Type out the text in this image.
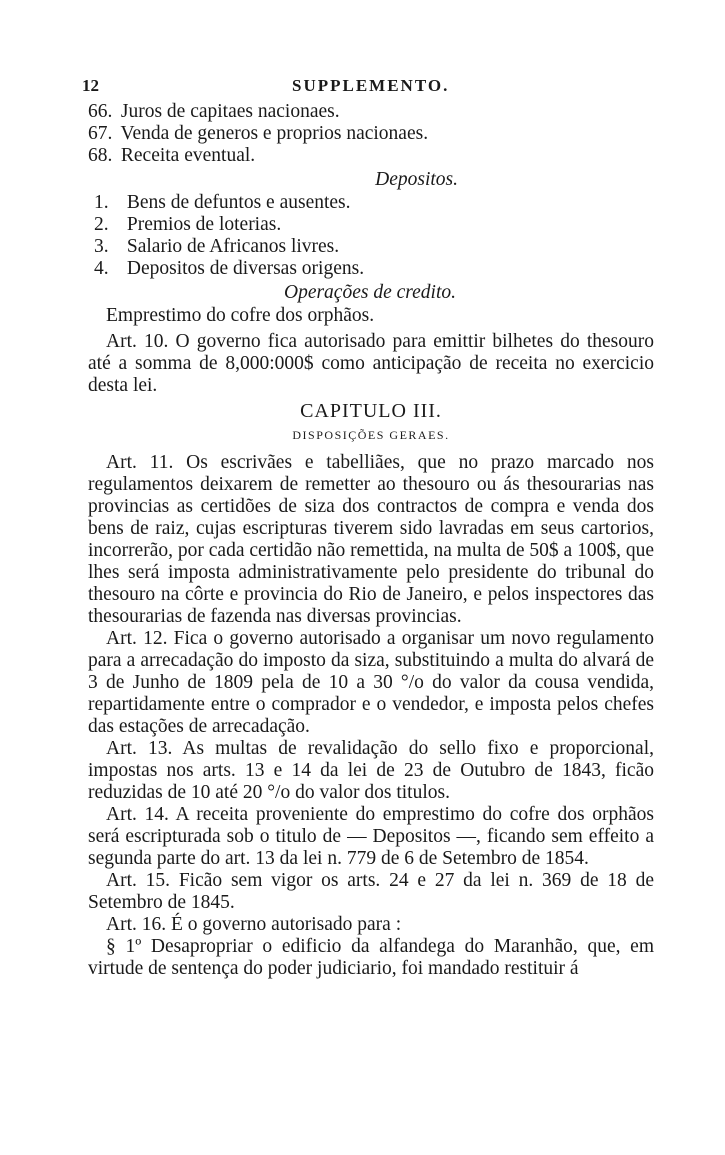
12	SUPPLEMENTO.
66. Juros de capitaes nacionaes.
67. Venda de generos e proprios nacionaes.
68. Receita eventual.
Depositos.
1. Bens de defuntos e ausentes.
2. Premios de loterias.
3. Salario de Africanos livres.
4. Depositos de diversas origens.
Operações de credito.
Emprestimo do cofre dos orphãos.

Art. 10. O governo fica autorisado para emittir bilhetes do thesouro até a somma de 8,000:000$ como anticipação de receita no exercicio desta lei.

CAPITULO III.
DISPOSIÇÕES GERAES.

Art. 11. Os escrivães e tabelliães, que no prazo marcado nos regulamentos deixarem de remetter ao thesouro ou ás thesourarias nas provincias as certidões de siza dos contractos de compra e venda dos bens de raiz, cujas escripturas tiverem sido lavradas em seus cartorios, incorrerão, por cada certidão não remettida, na multa de 50$ a 100$, que lhes será imposta administrativamente pelo presidente do tribunal do thesouro na côrte e provincia do Rio de Janeiro, e pelos inspectores das thesourarias de fazenda nas diversas provincias.

Art. 12. Fica o governo autorisado a organisar um novo regulamento para a arrecadação do imposto da siza, substituindo a multa do alvará de 3 de Junho de 1809 pela de 10 a 30 °/o do valor da cousa vendida, repartidamente entre o comprador e o vendedor, e imposta pelos chefes das estações de arrecadação.

Art. 13. As multas de revalidação do sello fixo e proporcional, impostas nos arts. 13 e 14 da lei de 23 de Outubro de 1843, ficão reduzidas de 10 até 20 °/o do valor dos titulos.

Art. 14. A receita proveniente do emprestimo do cofre dos orphãos será escripturada sob o titulo de — Depositos —, ficando sem effeito a segunda parte do art. 13 da lei n. 779 de 6 de Setembro de 1854.

Art. 15. Ficão sem vigor os arts. 24 e 27 da lei n. 369 de 18 de Setembro de 1845.

Art. 16. É o governo autorisado para :

§ 1º Desapropriar o edificio da alfandega do Maranhão, que, em virtude de sentença do poder judiciario, foi mandado restituir á
